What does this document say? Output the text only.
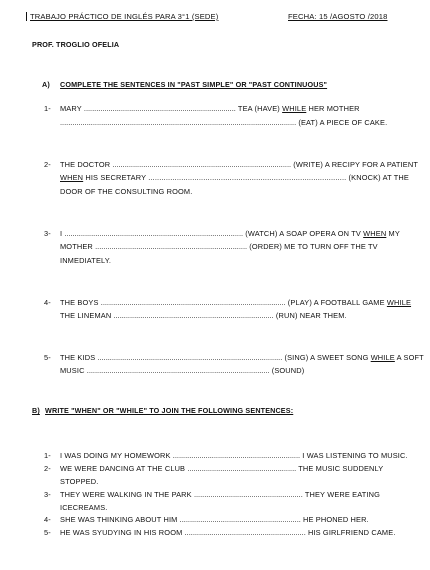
TRABAJO PRÁCTICO DE INGLÉS PARA 3°1 (SEDE)	FECHA: 15 /AGOSTO /2018
PROF. TROGLIO OFELIA
A) COMPLETE THE SENTENCES IN "PAST SIMPLE" OR "PAST CONTINUOUS"
1- MARY .......................................................................... TEA (HAVE) WHILE HER MOTHER
................................................................................................................... (EAT) A PIECE OF CAKE.
2- THE DOCTOR ....................................................................................... (WRITE) A RECIPY FOR A PATIENT
WHEN HIS SECRETARY .......................................................................................... (KNOCK) AT THE
DOOR OF THE CONSULTING ROOM.
3- I ....................................................................................... (WATCH) A SOAP OPERA ON TV WHEN MY
MOTHER .......................................................................... (ORDER) ME TO TURN OFF THE TV
INMEDIATELY.
4- THE BOYS .......................................................................................... (PLAY) A FOOTBALL GAME WHILE
THE LINEMAN .............................................................................. (RUN) NEAR THEM.
5- THE KIDS .......................................................................................... (SING) A SWEET SONG WHILE A SOFT
MUSIC ......................................................................................... (SOUND)
B) WRITE "WHEN" OR "WHILE" TO JOIN THE FOLLOWING SENTENCES:
1- I WAS DOING MY HOMEWORK .............................................................. I WAS LISTENING TO MUSIC.
2- WE WERE DANCING AT THE CLUB ..................................................... THE MUSIC SUDDENLY
STOPPED.
3- THEY WERE WALKING IN THE PARK ..................................................... THEY WERE EATING
ICECREAMS.
4- SHE WAS THINKING ABOUT HIM ........................................................... HE PHONED HER.
5- HE WAS SYUDYING IN HIS ROOM ........................................................... HIS GIRLFRIEND CAME.
